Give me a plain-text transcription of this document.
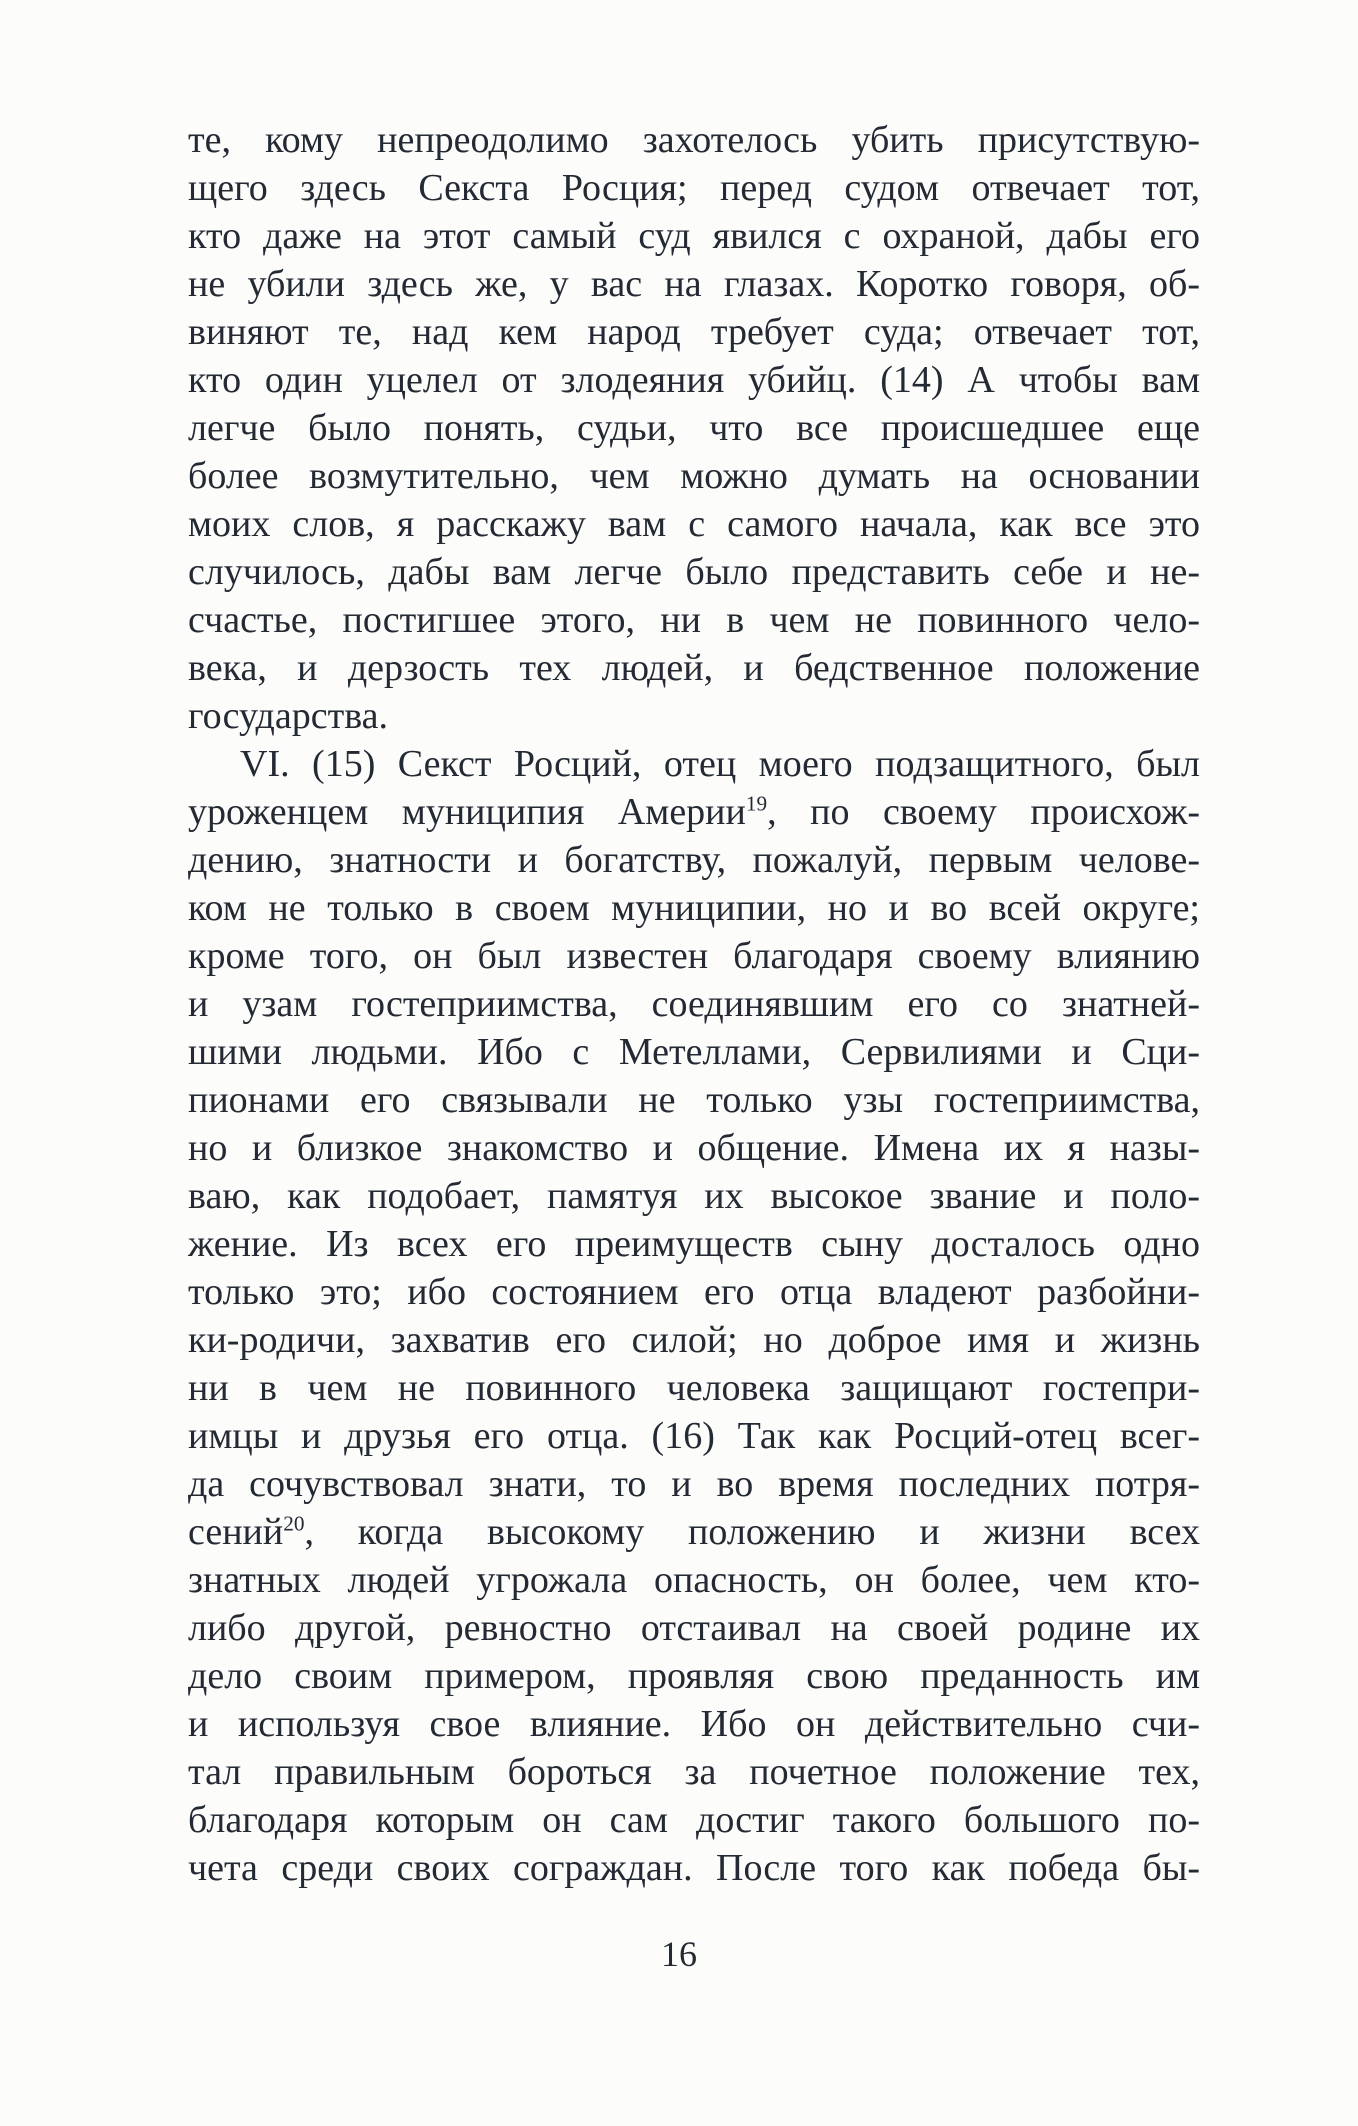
те, кому непреодолимо захотелось убить присутствую-
щего здесь Секста Росция; перед судом отвечает тот,
кто даже на этот самый суд явился с охраной, дабы его
не убили здесь же, у вас на глазах. Коротко говоря, об-
виняют те, над кем народ требует суда; отвечает тот,
кто один уцелел от злодеяния убийц. (14) А чтобы вам
легче было понять, судьи, что все происшедшее еще
более возмутительно, чем можно думать на основании
моих слов, я расскажу вам с самого начала, как все это
случилось, дабы вам легче было представить себе и не-
счастье, постигшее этого, ни в чем не повинного чело-
века, и дерзость тех людей, и бедственное положение
государства.
VI. (15) Секст Росций, отец моего подзащитного, был
уроженцем муниципия Америи$^{19}$, по своему происхож-
дению, знатности и богатству, пожалуй, первым челове-
ком не только в своем муниципии, но и во всей округе;
кроме того, он был известен благодаря своему влиянию
и узам гостеприимства, соединявшим его со знатней-
шими людьми. Ибо с Метеллами, Сервилиями и Сци-
пионами его связывали не только узы гостеприимства,
но и близкое знакомство и общение. Имена их я назы-
ваю, как подобает, памятуя их высокое звание и поло-
жение. Из всех его преимуществ сыну досталось одно
только это; ибо состоянием его отца владеют разбойни-
ки-родичи, захватив его силой; но доброе имя и жизнь
ни в чем не повинного человека защищают гостепри-
имцы и друзья его отца. (16) Так как Росций-отец всег-
да сочувствовал знати, то и во время последних потря-
сений$^{20}$, когда высокому положению и жизни всех
знатных людей угрожала опасность, он более, чем кто-
либо другой, ревностно отстаивал на своей родине их
дело своим примером, проявляя свою преданность им
и используя свое влияние. Ибо он действительно счи-
тал правильным бороться за почетное положение тех,
благодаря которым он сам достиг такого большого по-
чета среди своих сограждан. После того как победа бы-
16
